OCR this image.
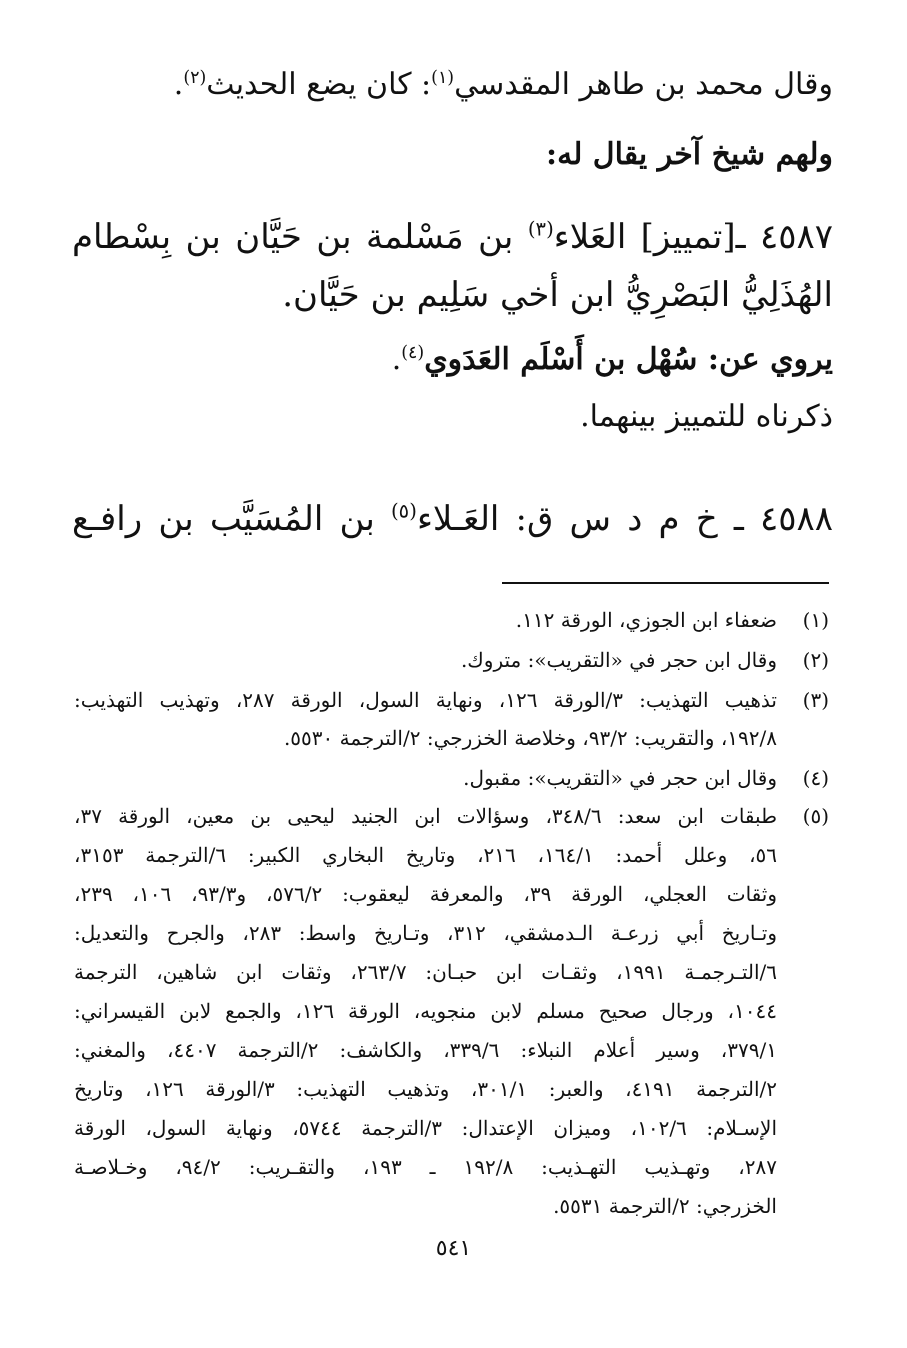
وقال محمد بن طاهر المقدسي$^{(١)}$: كان يضع الحديث$^{(٢)}$.
ولهم شيخ آخر يقال له:
٤٥٨٧ ـ[تمييز] العَلاء$^{(٣)}$ بن مَسْلمة بن حَيَّان بن بِسْطام
الهُذَلِيُّ البَصْرِيُّ ابن أخي سَلِيم بن حَيَّان.
يروي عن: سُهْل بن أَسْلَم العَدَوي$^{(٤)}$.
ذكرناه للتمييز بينهما.
٤٥٨٨ ـ خ م د س ق: العَـلاء$^{(٥)}$ بن المُسَيَّب بن رافـع
(١)
ضعفاء ابن الجوزي، الورقة ١١٢.
(٢)
وقال ابن حجر في «التقريب»: متروك.
(٣)
تذهيب التهذيب: ٣/الورقة ١٢٦، ونهاية السول، الورقة ٢٨٧، وتهذيب التهذيب:
١٩٢/٨، والتقريب: ٩٣/٢، وخلاصة الخزرجي: ٢/الترجمة ٥٥٣٠.
(٤)
وقال ابن حجر في «التقريب»: مقبول.
(٥)
طبقات ابن سعد: ٣٤٨/٦، وسؤالات ابن الجنيد ليحيى بن معين، الورقة ٣٧،
٥٦، وعلل أحمد: ١٦٤/١، ٢١٦، وتاريخ البخاري الكبير: ٦/الترجمة ٣١٥٣،
وثقات العجلي، الورقة ٣٩، والمعرفة ليعقوب: ٥٧٦/٢، و٩٣/٣، ١٠٦، ٢٣٩،
وتـاريخ أبي زرعـة الـدمشقي، ٣١٢، وتـاريخ واسط: ٢٨٣، والجرح والتعديل:
٦/التـرجمـة ١٩٩١، وثقـات ابن حبـان: ٢٦٣/٧، وثقات ابن شاهين، الترجمة
١٠٤٤، ورجال صحيح مسلم لابن منجويه، الورقة ١٢٦، والجمع لابن القيسراني:
٣٧٩/١، وسير أعلام النبلاء: ٣٣٩/٦، والكاشف: ٢/الترجمة ٤٤٠٧، والمغني:
٢/الترجمة ٤١٩١، والعبر: ٣٠١/١، وتذهيب التهذيب: ٣/الورقة ١٢٦، وتاريخ
الإسـلام: ١٠٢/٦، وميزان الإعتدال: ٣/الترجمة ٥٧٤٤، ونهاية السول، الورقة
٢٨٧، وتهـذيب التهـذيب: ١٩٢/٨ ـ ١٩٣، والتقـريب: ٩٤/٢، وخـلاصـة
الخزرجي: ٢/الترجمة ٥٥٣١.
٥٤١
